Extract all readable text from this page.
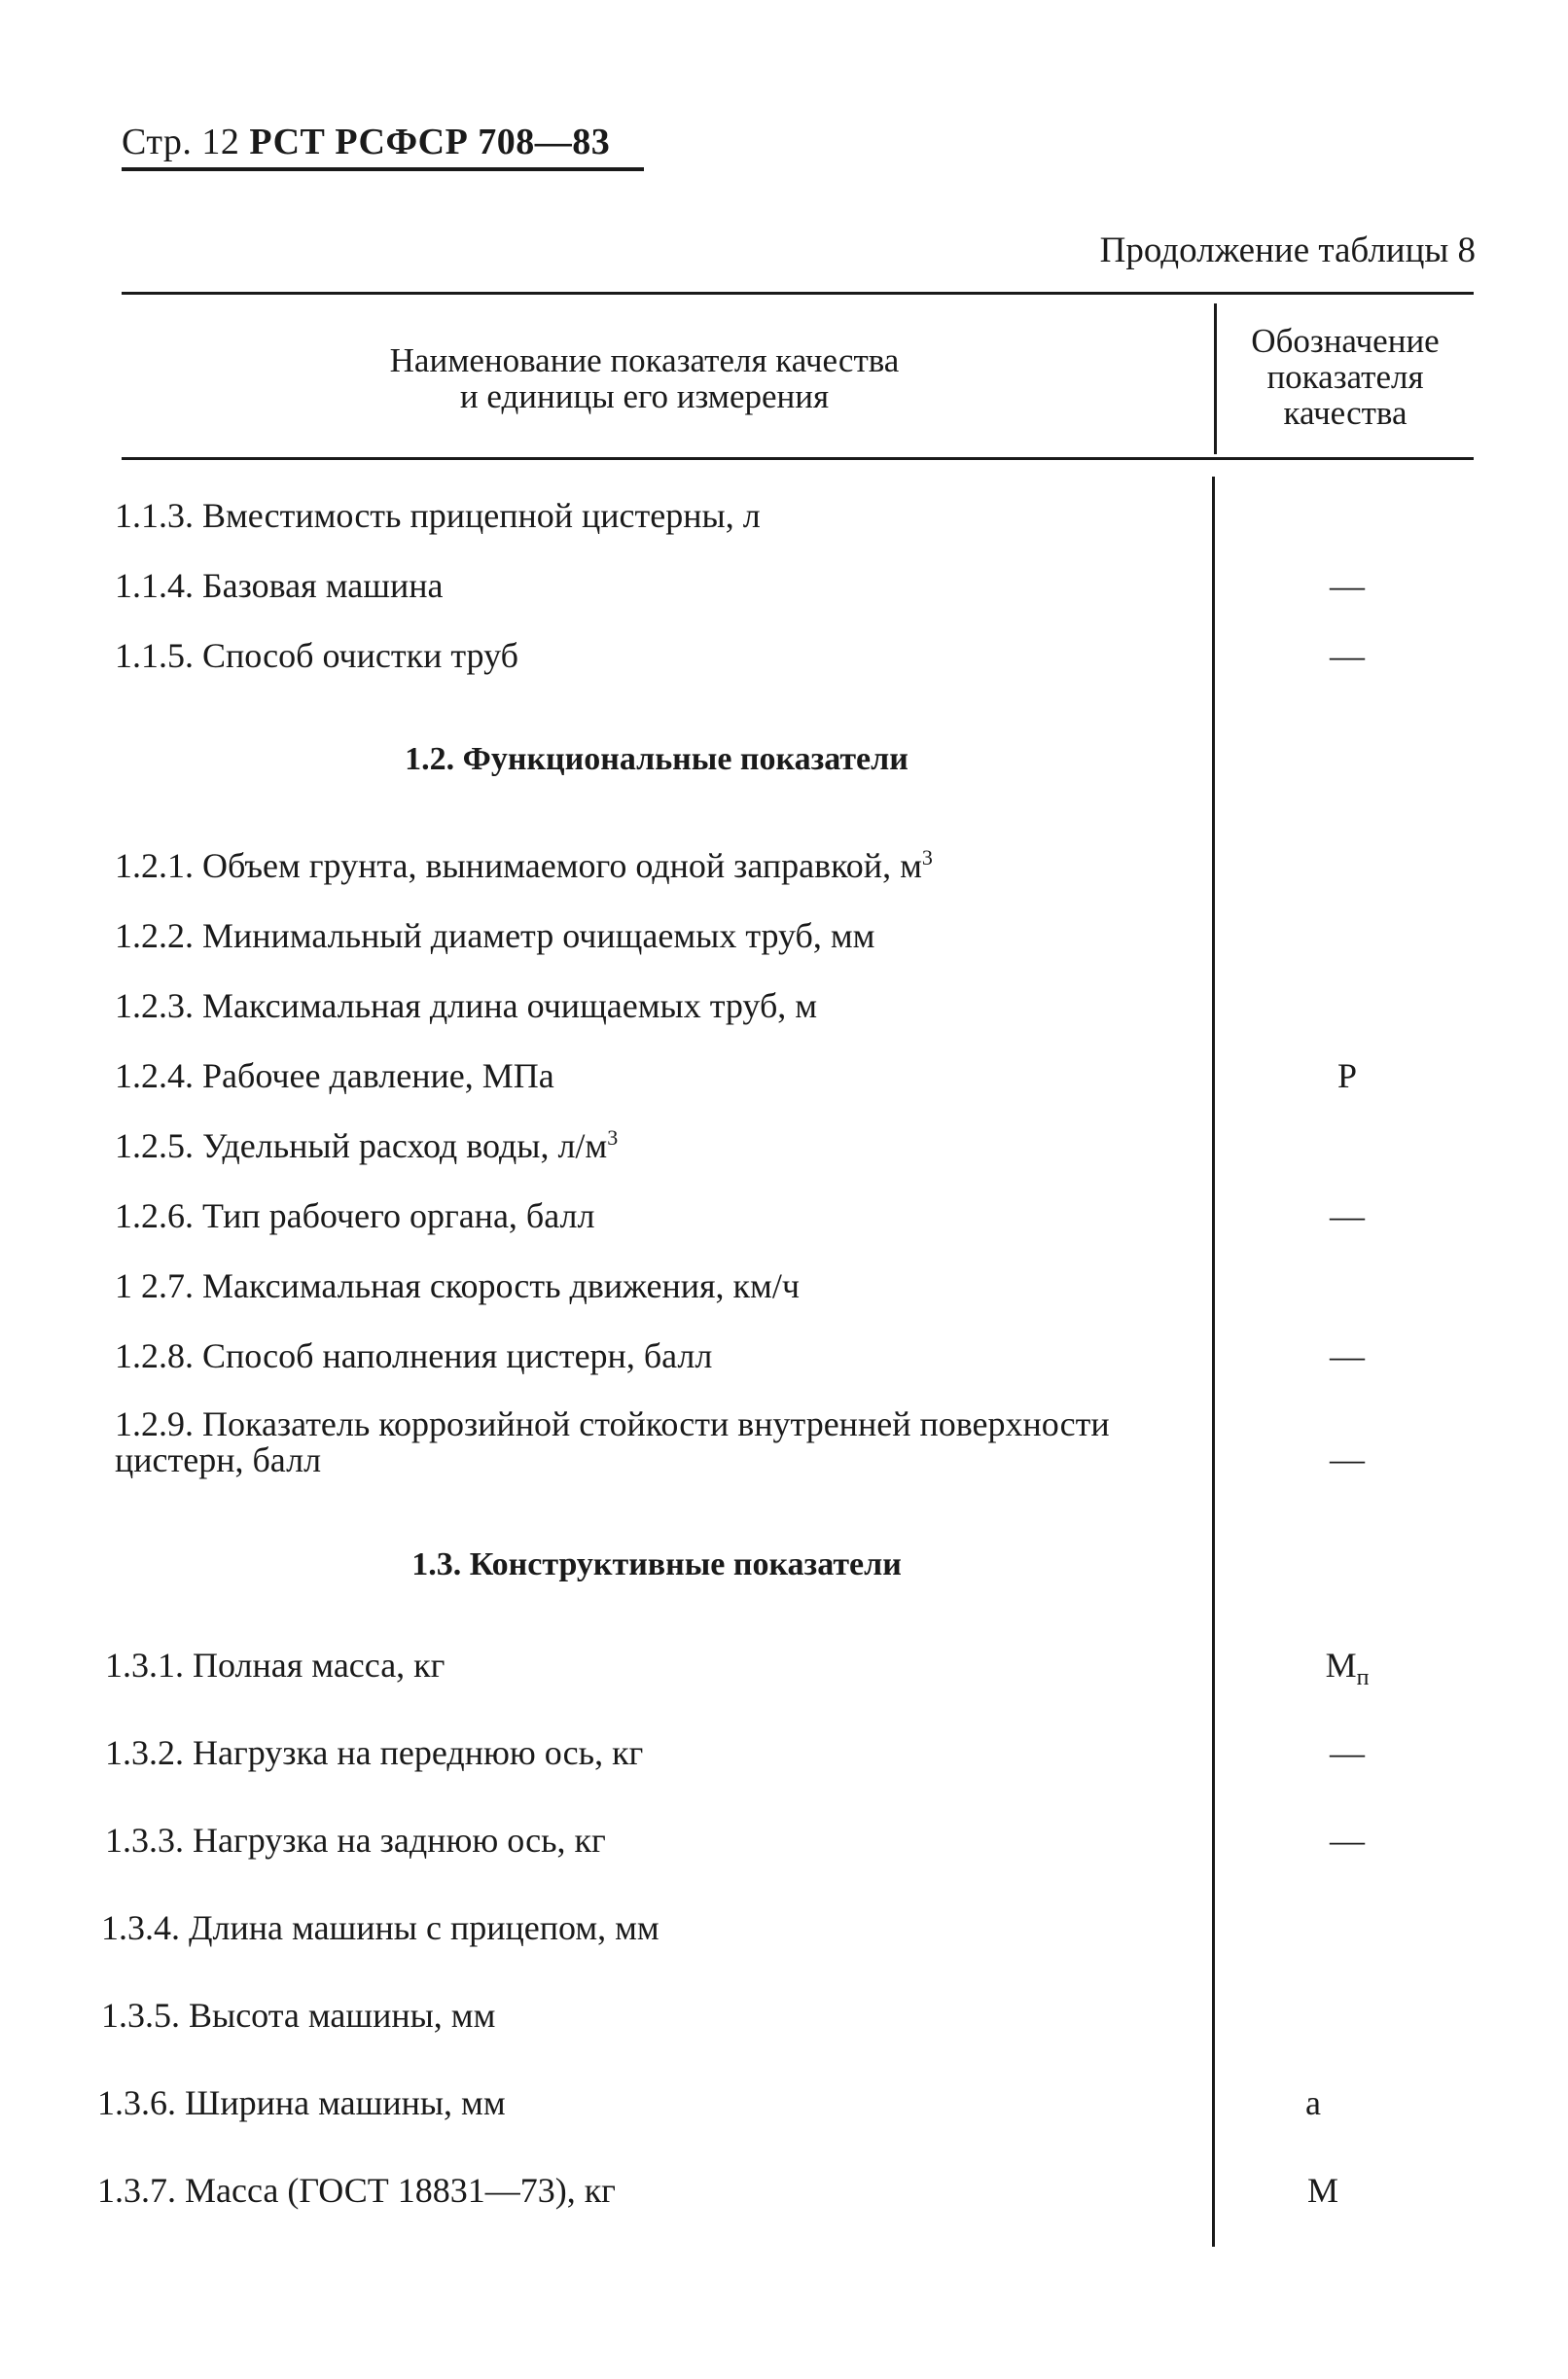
Стр. 12 РСТ РСФСР 708—83
Продолжение таблицы 8
Наименование показателя качества
и единицы его измерения
Обозначение
показателя
качества
1.1.3. Вместимость прицепной цистерны, л
1.1.4. Базовая машина	—
1.1.5. Способ очистки труб	—
1.2. Функциональные показатели
1.2.1. Объем грунта, вынимаемого одной заправкой, $м^3$
1.2.2. Минимальный диаметр очищаемых труб, мм
1.2.3. Максимальная длина очищаемых труб, м
1.2.4. Рабочее давление, МПа	P
1.2.5. Удельный расход воды, $л/м^3$
1.2.6. Тип рабочего органа, балл	—
1 2.7. Максимальная скорость движения, км/ч
1.2.8. Способ наполнения цистерн, балл	—
1.2.9. Показатель коррозийной стойкости внутренней поверхности цистерн, балл	—
1.3. Конструктивные показатели
1.3.1. Полная масса, кг	$M_п$
1.3.2. Нагрузка на переднюю ось, кг	—
1.3.3. Нагрузка на заднюю ось, кг	—
1.3.4. Длина машины с прицепом, мм
1.3.5. Высота машины, мм
1.3.6. Ширина машины, мм	a
1.3.7. Масса (ГОСТ 18831—73), кг	M
